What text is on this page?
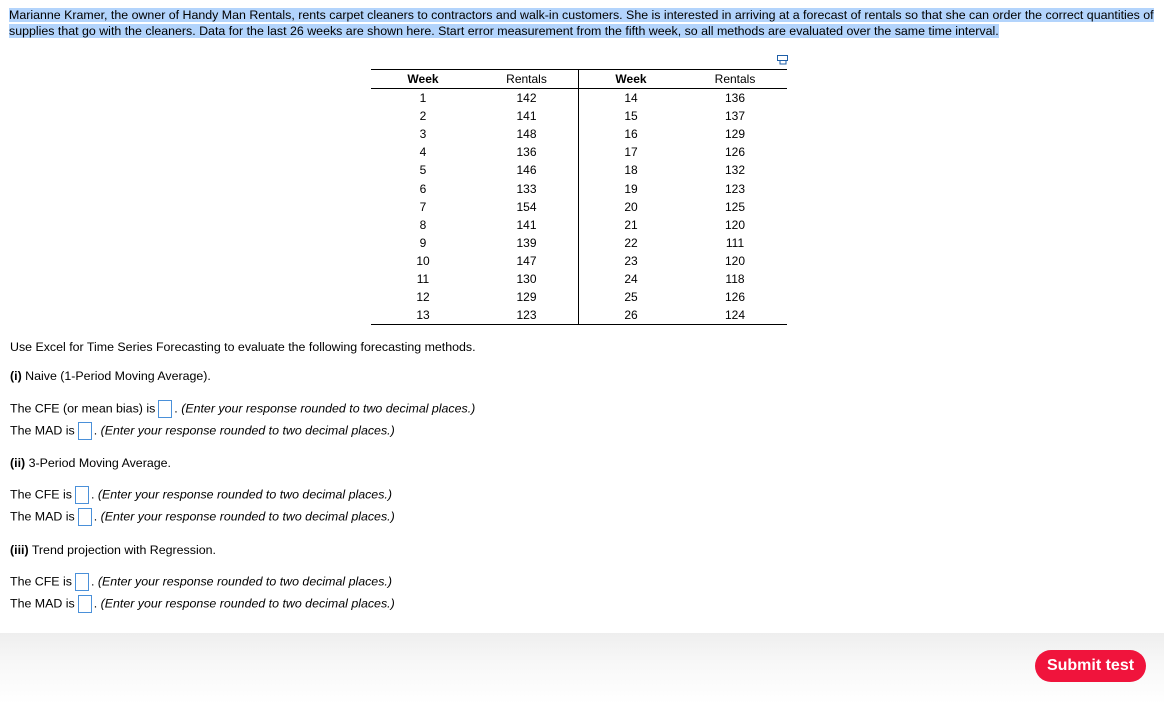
Marianne Kramer, the owner of Handy Man Rentals, rents carpet cleaners to contractors and walk-in customers. She is interested in arriving at a forecast of rentals so that she can order the correct quantities of supplies that go with the cleaners. Data for the last 26 weeks are shown here. Start error measurement from the fifth week, so all methods are evaluated over the same time interval.
Week	Rentals	Week	Rentals
1	142	14	136
2	141	15	137
3	148	16	129
4	136	17	126
5	146	18	132
6	133	19	123
7	154	20	125
8	141	21	120
9	139	22	111
10	147	23	120
11	130	24	118
12	129	25	126
13	123	26	124
Use Excel for Time Series Forecasting to evaluate the following forecasting methods.
(i) Naive (1-Period Moving Average).
The CFE (or mean bias) is . (Enter your response rounded to two decimal places.)
The MAD is . (Enter your response rounded to two decimal places.)
(ii) 3-Period Moving Average.
The CFE is . (Enter your response rounded to two decimal places.)
The MAD is . (Enter your response rounded to two decimal places.)
(iii) Trend projection with Regression.
The CFE is . (Enter your response rounded to two decimal places.)
The MAD is . (Enter your response rounded to two decimal places.)
Submit test
